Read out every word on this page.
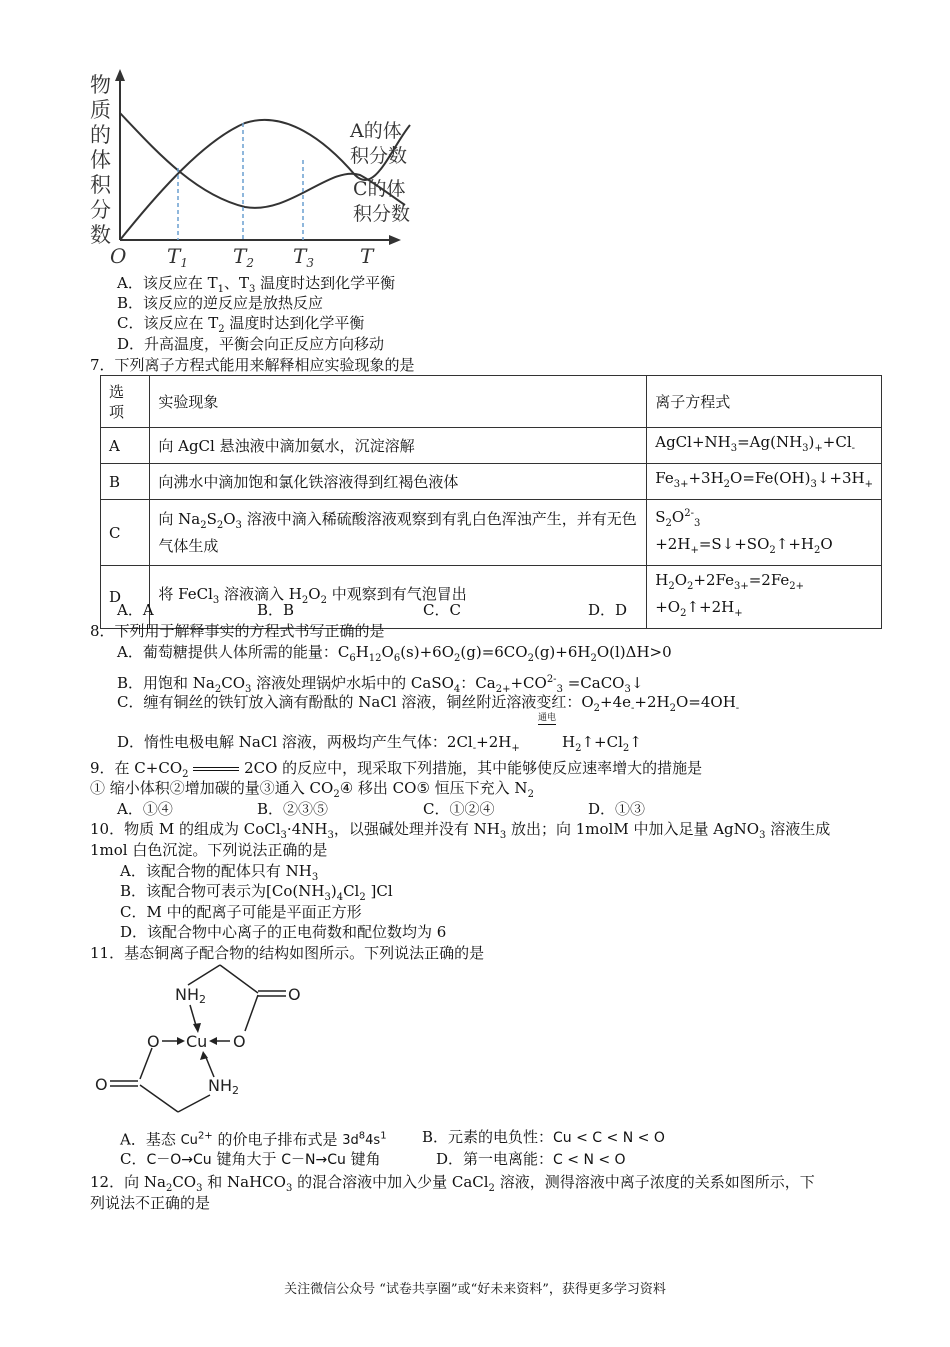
物
质
的
体
积
分
数
O $T_1$ $T_2$ $T_3$ T
A的体
积分数
C的体
积分数
A．该反应在 $T_1$、$T_3$ 温度时达到化学平衡
B．该反应的逆反应是放热反应
C．该反应在 $T_2$ 温度时达到化学平衡
D．升高温度，平衡会向正反应方向移动
7．下列离子方程式能用来解释相应实验现象的是
选
项	实验现象	离子方程式
A	向 AgCl 悬浊液中滴加氨水，沉淀溶解	$AgCl+NH_3=Ag(NH_3)_++Cl_-$
B	向沸水中滴加饱和氯化铁溶液得到红褐色液体	$Fe_{3+}+3H_2O=Fe(OH)_3↓+3H_+$
C	向 $Na_2S_2O_3$ 溶液中滴入稀硫酸溶液观察到有乳白色浑浊产生，并有无色气体生成	$S_2O^{2-}_3$ $+2H_+=S↓+SO_2↑+H_2O$
D	将 FeCl$_3$ 溶液滴入 $H_2O_2$ 中观察到有气泡冒出	$H_2O_2+2Fe_{3+}=2Fe_{2+}$
$+O_2↑+2H_+$
A．A	B．B	C．C	D．D
8．下列用于解释事实的方程式书写正确的是
A．葡萄糖提供人体所需的能量：$C_6H_{12}O_6(s)+6O_2(g)=6CO_2(g)+6H_2O(l)\Delta H>0$
B．用饱和 $Na_2CO_3$ 溶液处理锅炉水垢中的 CaSO$_4$：$Ca_{2+}+CO^{2-}_3$ =CaCO$_3$↓
C．缠有铜丝的铁钉放入滴有酚酞的 NaCl 溶液，铜丝附近溶液变红：$O_2+4e_-+2H_2O=4OH_-$
D．惰性电极电解 NaCl 溶液，两极均产生气体：$2Cl_-+2H_+$
通电
$H_2↑+Cl_2↑$
9．在 $C+CO_2$	2CO 的反应中，现采取下列措施，其中能够使反应速率增大的措施是
① 缩小体积②增加碳的量③通入 $CO_2④$ 移出 CO⑤ 恒压下充入 $N_2$
A．①④	B．②③⑤	C．①②④	D．①③
10．物质 M 的组成为 $CoCl_3\cdot 4NH_3$，以强碱处理并没有 $NH_3$ 放出；向 1molM 中加入足量 AgNO$_3$ 溶液生成
1mol 白色沉淀。下列说法正确的是
A．该配合物的配体只有 $NH_3$
B．该配合物可表示为[$Co(NH_3)_4Cl_2$ ]Cl
C．M 中的配离子可能是平面正方形
D．该配合物中心离子的正电荷数和配位数均为 6
11．基态铜离子配合物的结构如图所示。下列说法正确的是
NH2	O
O Cu O
O	NH2
A．基态 $Cu^{2+}$ 的价电子排布式是 $3d^84s^1$ B．元素的电负性：Cu < C < N < O
C．C－O→Cu 键角大于 C－N→Cu 键角	D．第一电离能：C < N < O
12．向 $Na_2CO_3$ 和 NaHCO$_3$ 的混合溶液中加入少量 CaCl$_2$ 溶液，测得溶液中离子浓度的关系如图所示，下
列说法不正确的是
关注微信公众号 “试卷共享圈”或“好未来资料”，获得更多学习资料
